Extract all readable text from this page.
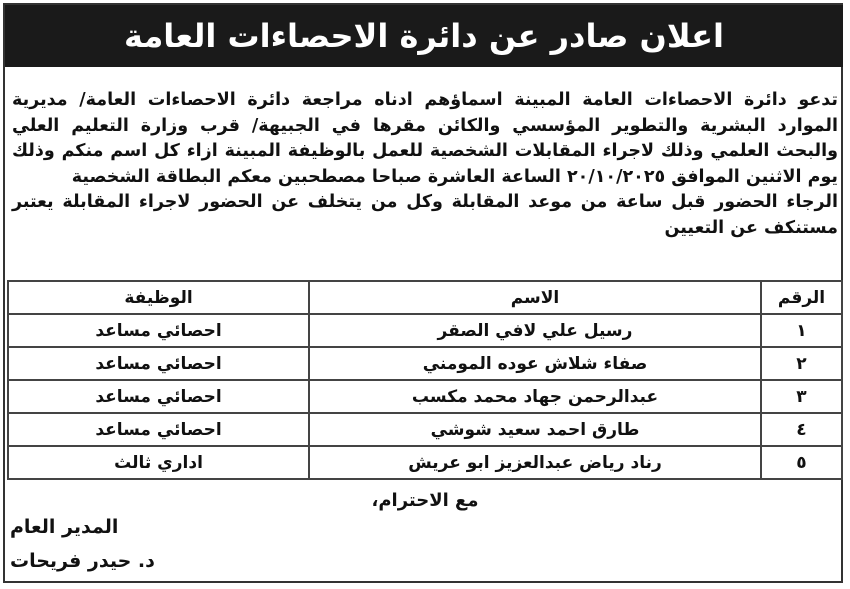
اعلان صادر عن دائرة الاحصاءات العامة

تدعو دائرة الاحصاءات العامة المبينة اسماؤهم ادناه مراجعة دائرة الاحصاءات العامة/ مديرية الموارد البشرية والتطوير المؤسسي والكائن مقرها في الجبيهة/ قرب وزارة التعليم العلي والبحث العلمي وذلك لاجراء المقابلات الشخصية للعمل بالوظيفة المبينة ازاء كل اسم منكم وذلك يوم الاثنين الموافق ٢٠/١٠/٢٠٢٥ الساعة العاشرة صباحا مصطحبين معكم البطاقة الشخصية

الرجاء الحضور قبل ساعة من موعد المقابلة وكل من يتخلف عن الحضور لاجراء المقابلة يعتبر مستنكف عن التعيين

الرقم	الاسم	الوظيفة
١	رسيل علي لافي الصقر	احصائي مساعد
٢	صفاء شلاش عوده المومني	احصائي مساعد
٣	عبدالرحمن جهاد محمد مكسب	احصائي مساعد
٤	طارق احمد سعيد شوشي	احصائي مساعد
٥	رناد رياض عبدالعزيز ابو عريش	اداري ثالث
مع الاحترام،
المدير العام
د. حيدر فريحات
